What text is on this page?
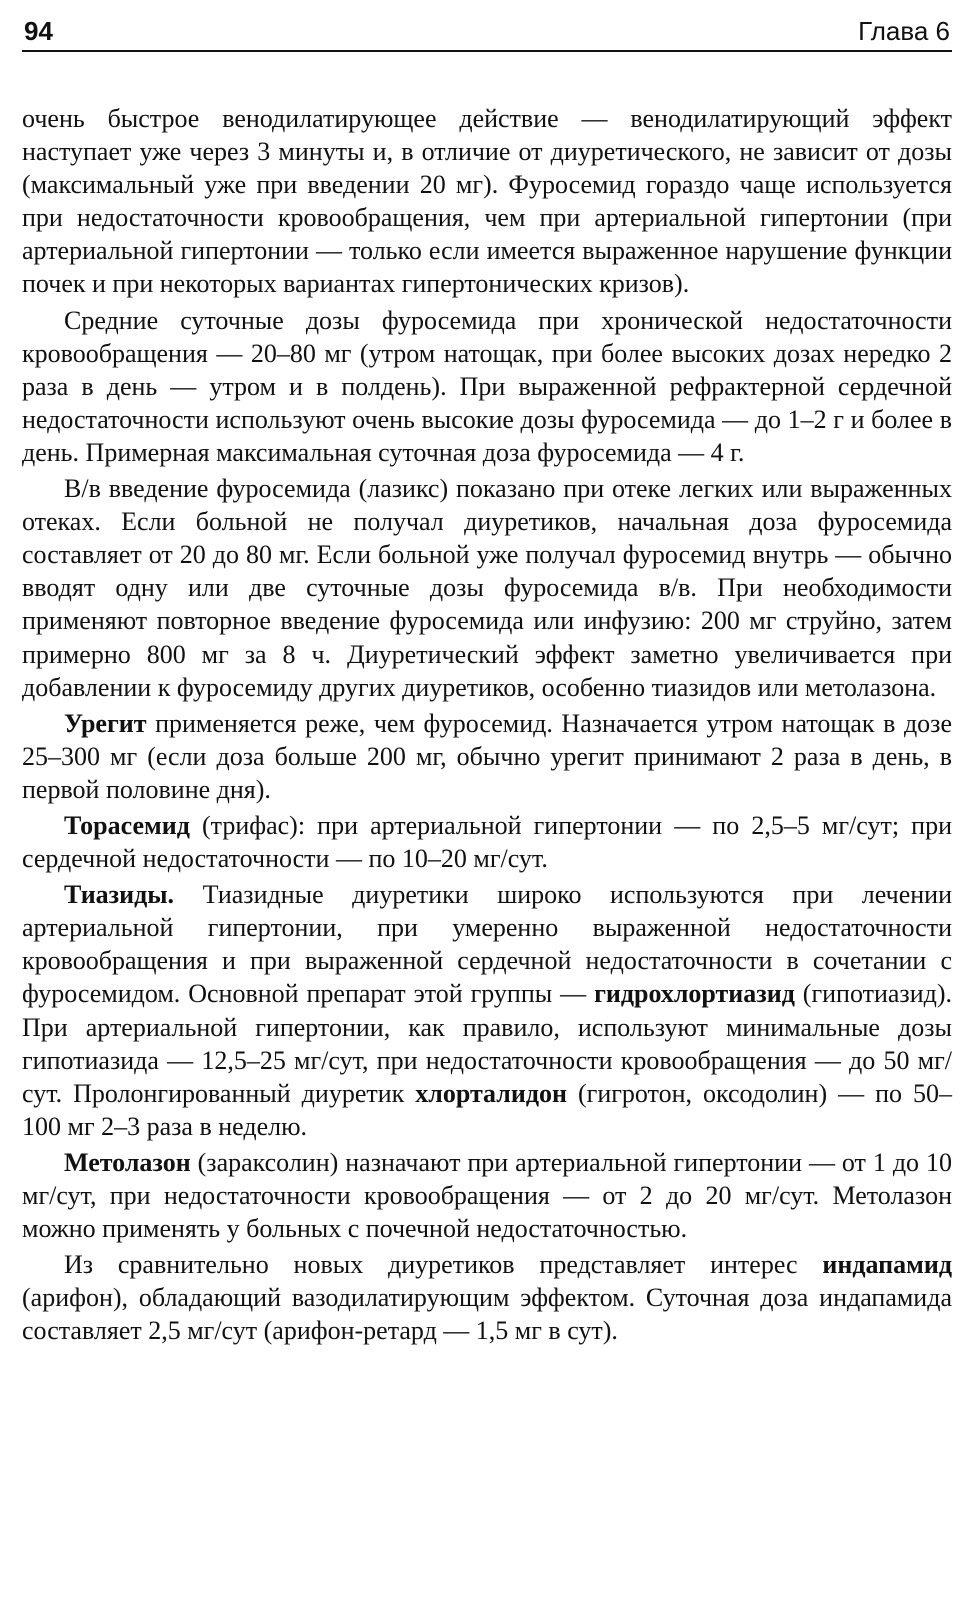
94	Глава 6

очень быстрое венодилатирующее действие — венодилатирующий эффект наступает уже через 3 минуты и, в отличие от диуретического, не зависит от дозы (максимальный уже при введении 20 мг). Фуросемид гораздо чаще используется при недостаточности кровообращения, чем при артериальной гипертонии (при артериальной гипертонии — только если имеется выраженное нарушение функции почек и при некоторых вариантах гипертонических кризов).

Средние суточные дозы фуросемида при хронической недостаточности кровообращения — 20–80 мг (утром натощак, при более высоких дозах нередко 2 раза в день — утром и в полдень). При выраженной рефрактерной сердечной недостаточности используют очень высокие дозы фуросемида — до 1–2 г и более в день. Примерная максимальная суточная доза фуросемида — 4 г.

В/в введение фуросемида (лазикс) показано при отеке легких или выраженных отеках. Если больной не получал диуретиков, начальная доза фуросемида составляет от 20 до 80 мг. Если больной уже получал фуросемид внутрь — обычно вводят одну или две суточные дозы фуросемида в/в. При необходимости применяют повторное введение фуросемида или инфузию: 200 мг струйно, затем примерно 800 мг за 8 ч. Диуретический эффект заметно увеличивается при добавлении к фуросемиду других диуретиков, особенно тиазидов или метолазона.

Урегит применяется реже, чем фуросемид. Назначается утром натощак в дозе 25–300 мг (если доза больше 200 мг, обычно урегит принимают 2 раза в день, в первой половине дня).

Торасемид (трифас): при артериальной гипертонии — по 2,5–5 мг/сут; при сердечной недостаточности — по 10–20 мг/сут.

Тиазиды. Тиазидные диуретики широко используются при лечении артериальной гипертонии, при умеренно выраженной недостаточности кровообращения и при выраженной сердечной недостаточности в сочетании с фуросемидом. Основной препарат этой группы — гидрохлортиазид (гипотиазид). При артериальной гипертонии, как правило, используют минимальные дозы гипотиазида — 12,5–25 мг/сут, при недостаточности кровообращения — до 50 мг/сут. Пролонгированный диуретик хлорталидон (гигротон, оксодолин) — по 50–100 мг 2–3 раза в неделю.

Метолазон (зараксолин) назначают при артериальной гипертонии — от 1 до 10 мг/сут, при недостаточности кровообращения — от 2 до 20 мг/сут. Метолазон можно применять у больных с почечной недостаточностью.

Из сравнительно новых диуретиков представляет интерес индапамид (арифон), обладающий вазодилатирующим эффектом. Суточная доза индапамида составляет 2,5 мг/сут (арифон-ретард — 1,5 мг в сут).
